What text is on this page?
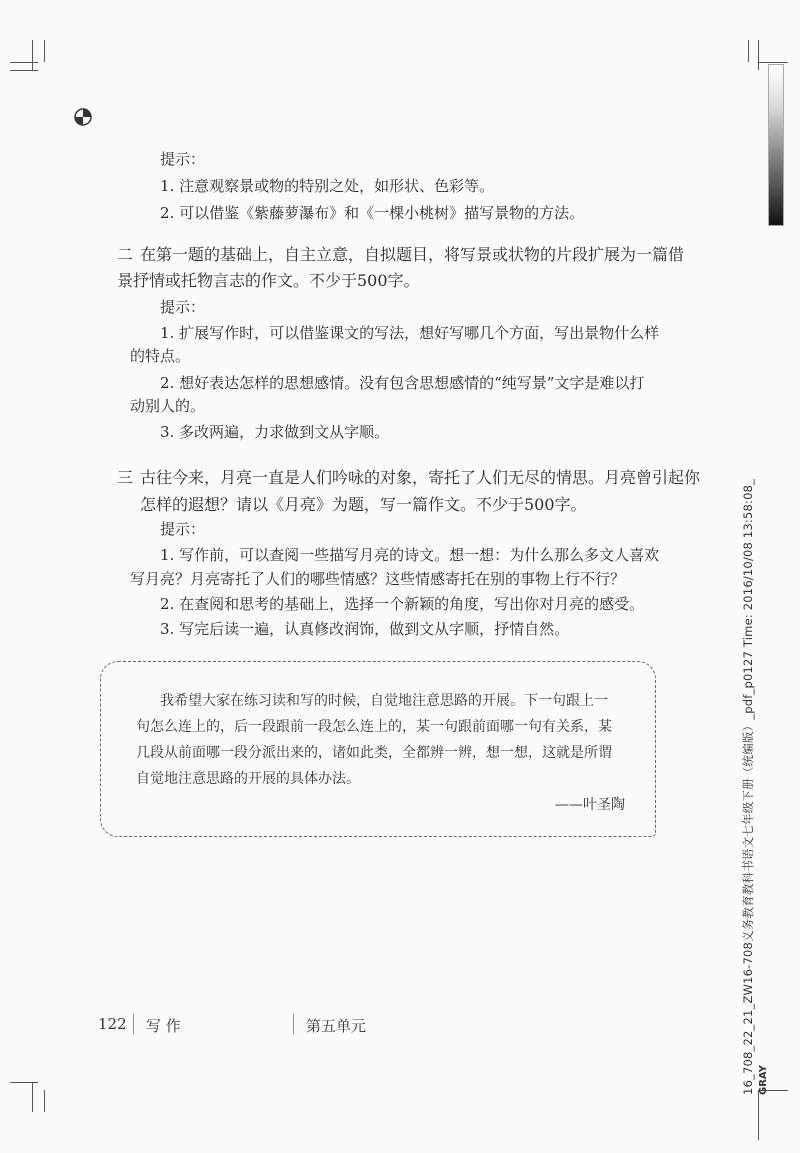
提示：
1. 注意观察景或物的特别之处，如形状、色彩等。
2. 可以借鉴《紫藤萝瀑布》和《一棵小桃树》描写景物的方法。
二 在第一题的基础上，自主立意，自拟题目，将写景或状物的片段扩展为一篇借
景抒情或托物言志的作文。不少于500字。
提示：
1. 扩展写作时，可以借鉴课文的写法，想好写哪几个方面，写出景物什么样
的特点。
2. 想好表达怎样的思想感情。没有包含思想感情的“纯写景”文字是难以打
动别人的。
3. 多改两遍，力求做到文从字顺。
三 古往今来，月亮一直是人们吟咏的对象，寄托了人们无尽的情思。月亮曾引起你
怎样的遐想？请以《月亮》为题，写一篇作文。不少于500字。
提示：
1. 写作前，可以查阅一些描写月亮的诗文。想一想：为什么那么多文人喜欢
写月亮？月亮寄托了人们的哪些情感？这些情感寄托在别的事物上行不行？
2. 在查阅和思考的基础上，选择一个新颖的角度，写出你对月亮的感受。
3. 写完后读一遍，认真修改润饰，做到文从字顺，抒情自然。
我希望大家在练习读和写的时候，自觉地注意思路的开展。下一句跟上一
句怎么连上的，后一段跟前一段怎么连上的，某一句跟前面哪一句有关系，某
几段从前面哪一段分派出来的，诸如此类，全都辨一辨，想一想，这就是所谓
自觉地注意思路的开展的具体办法。
——叶圣陶
122 写 作	第五单元	16_708_22_21_ZW16-708义务教育教科书语文七年级下册（统编版）_pdf_p0127 Time: 2016/10/08 13:58:08_ GRAY
